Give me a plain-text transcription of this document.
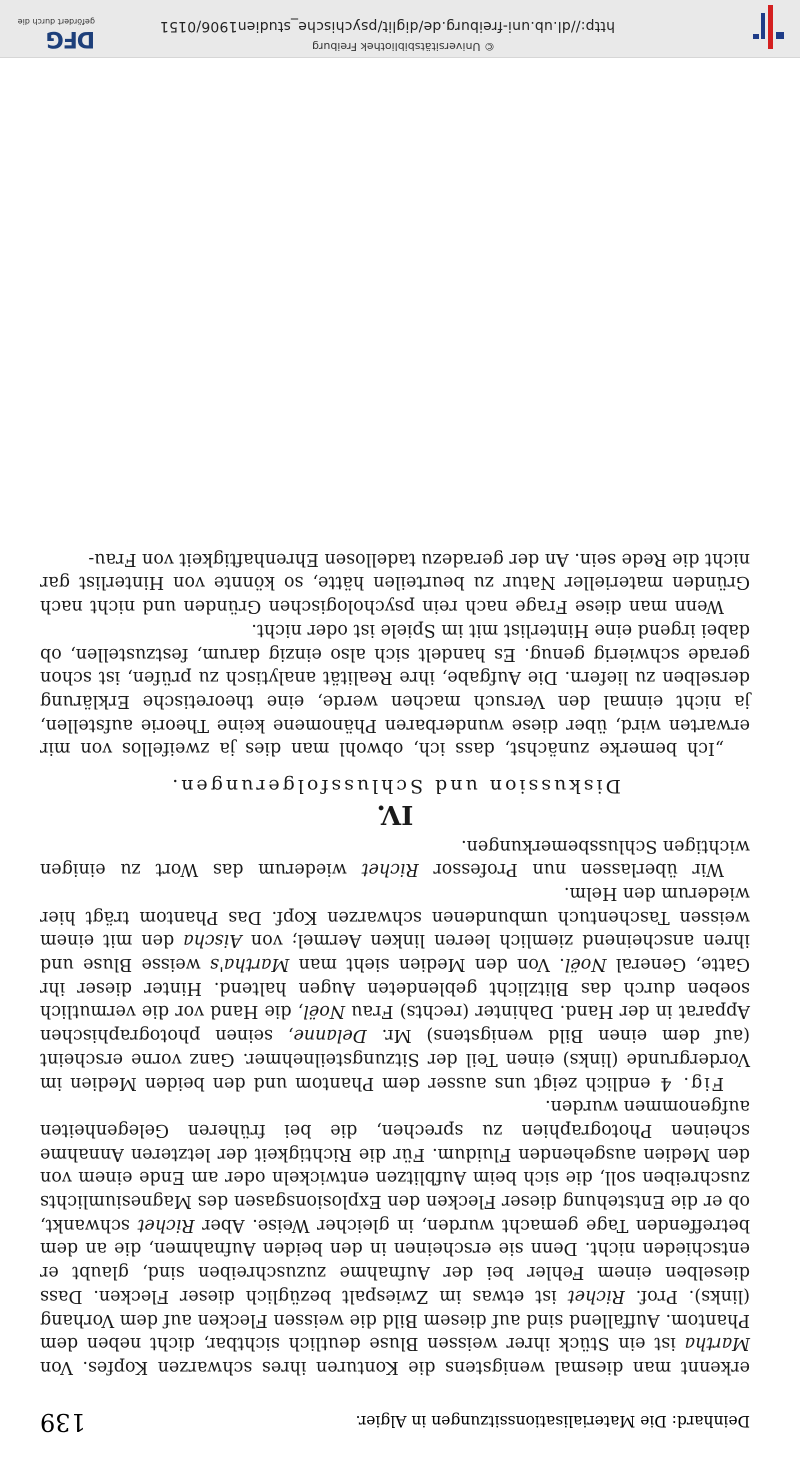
Deinhard: Die Materialisationssitzungen in Algier.
139

erkennt man diesmal wenigstens die Konturen ihres schwarzen Kopfes. Von Martha ist ein Stück ihrer weissen Bluse deutlich sichtbar, dicht neben dem Phantom. Auffallend sind auf diesem Bild die weissen Flecken auf dem Vorhang (links). Prof. Richet ist etwas im Zwiespalt bezüglich dieser Flecken. Dass dieselben einem Fehler bei der Aufnahme zuzuschreiben sind, glaubt er entschieden nicht. Denn sie erscheinen in den beiden Aufnahmen, die an dem betreffenden Tage gemacht wurden, in gleicher Weise. Aber Richet schwankt, ob er die Entstehung dieser Flecken den Explosionsgasen des Magnesiumlichts zuschreiben soll, die sich beim Aufblitzen entwickeln oder am Ende einem von den Medien ausgehenden Fluidum. Für die Richtigkeit der letzteren Annahme scheinen Photographien zu sprechen, die bei früheren Gelegenheiten aufgenommen wurden.

Fig. 4 endlich zeigt uns ausser dem Phantom und den beiden Medien im Vordergrunde (links) einen Teil der Sitzungsteilnehmer. Ganz vorne erscheint (auf dem einen Bild wenigstens) Mr. Delanne, seinen photographischen Apparat in der Hand. Dahinter (rechts) Frau Noël, die Hand vor die vermutlich soeben durch das Blitzlicht geblendeten Augen haltend. Hinter dieser ihr Gatte, General Noël. Von den Medien sieht man Martha's weisse Bluse und ihren anscheinend ziemlich leeren linken Aermel; von Aischa den mit einem weissen Taschentuch umbundenen schwarzen Kopf. Das Phantom trägt hier wiederum den Helm.

Wir überlassen nun Professor Richet wiederum das Wort zu einigen wichtigen Schlussbemerkungen.

IV.

Diskussion und Schlussfolgerungen.

„Ich bemerke zunächst, dass ich, obwohl man dies ja zweifellos von mir erwarten wird, über diese wunderbaren Phänomene keine Theorie aufstellen, ja nicht einmal den Versuch machen werde, eine theoretische Erklärung derselben zu liefern. Die Aufgabe, ihre Realität analytisch zu prüfen, ist schon gerade schwierig genug. Es handelt sich also einzig darum, festzustellen, ob dabei irgend eine Hinterlist mit im Spiele ist oder nicht.

Wenn man diese Frage nach rein psychologischen Gründen und nicht nach Gründen materieller Natur zu beurteilen hätte, so könnte von Hinterlist gar nicht die Rede sein. An der geradezu tadellosen Ehrenhaftigkeit von Frau-

http://dl.ub.uni-freiburg.de/diglit/psychische_studien1906/0151
© Universitätsbibliothek Freiburg
DFG
gefördert durch die
